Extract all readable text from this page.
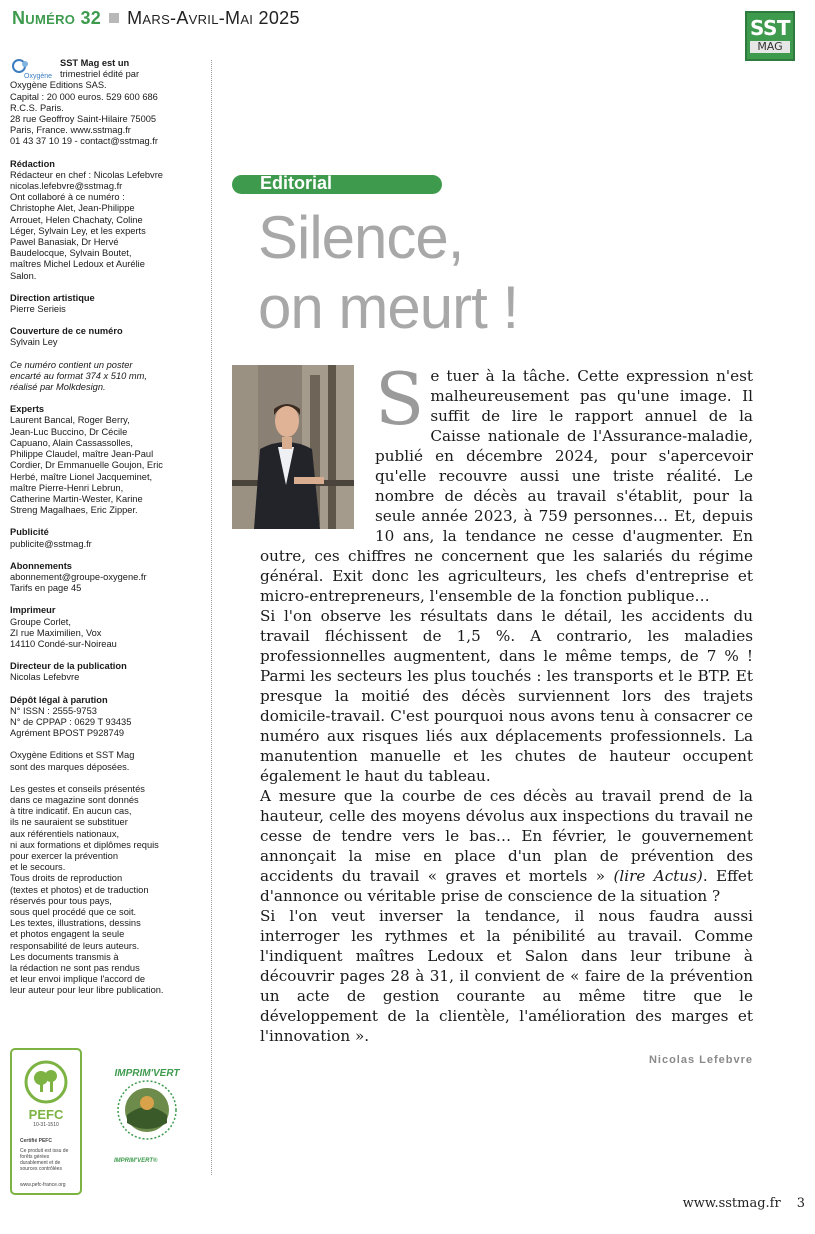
Numéro 32 Mars-Avril-Mai 2025	SST
MAG
Oxygène
SST Mag est un
trimestriel édité par
Oxygène Editions SAS.
Capital : 20 000 euros. 529 600 686
R.C.S. Paris.
28 rue Geoffroy Saint-Hilaire 75005
Paris, France. www.sstmag.fr
01 43 37 10 19 - contact@sstmag.fr
Rédaction
Rédacteur en chef : Nicolas Lefebvre
nicolas.lefebvre@sstmag.fr
Ont collaboré à ce numéro :
Christophe Alet, Jean-Philippe
Arrouet, Helen Chachaty, Coline
Léger, Sylvain Ley, et les experts
Pawel Banasiak, Dr Hervé
Baudelocque, Sylvain Boutet,
maîtres Michel Ledoux et Aurélie
Salon.
Direction artistique
Pierre Serieis
Couverture de ce numéro
Sylvain Ley
Ce numéro contient un poster
encarté au format 374 x 510 mm,
réalisé par Molkdesign.
Experts
Laurent Bancal, Roger Berry,
Jean-Luc Buccino, Dr Cécile
Capuano, Alain Cassassolles,
Philippe Claudel, maître Jean-Paul
Cordier, Dr Emmanuelle Goujon, Eric
Herbé, maître Lionel Jacqueminet,
maître Pierre-Henri Lebrun,
Catherine Martin-Wester, Karine
Streng Magalhaes, Eric Zipper.
Publicité
publicite@sstmag.fr
Abonnements
abonnement@groupe-oxygene.fr
Tarifs en page 45
Imprimeur
Groupe Corlet,
ZI rue Maximilien, Vox
14110 Condé-sur-Noireau
Directeur de la publication
Nicolas Lefebvre
Dépôt légal à parution
N° ISSN : 2555-9753
N° de CPPAP : 0629 T 93435
Agrément BPOST P928749
Oxygène Editions et SST Mag
sont des marques déposées.
Les gestes et conseils présentés
dans ce magazine sont donnés
à titre indicatif. En aucun cas,
ils ne sauraient se substituer
aux référentiels nationaux,
ni aux formations et diplômes requis
pour exercer la prévention
et le secours.
Tous droits de reproduction
(textes et photos) et de traduction
réservés pour tous pays,
sous quel procédé que ce soit.
Les textes, illustrations, dessins
et photos engagent la seule
responsabilité de leurs auteurs.
Les documents transmis à
la rédaction ne sont pas rendus
et leur envoi implique l'accord de
leur auteur pour leur libre publication.
PEFC
10-31-1510
Certifié PEFC
Ce produit est issu de forêts gérées durablement et de sources contrôlées
www.pefc-france.org
IMPRIM'VERT
IMPRIM'VERT®
Editorial
Silence,
on meurt !

Se tuer à la tâche. Cette expression n'est malheureusement pas qu'une image. Il suffit de lire le rapport annuel de la Caisse nationale de l'Assurance-maladie, publié en décembre 2024, pour s'apercevoir qu'elle recouvre aussi une triste réalité. Le nombre de décès au travail s'établit, pour la seule année 2023, à 759 personnes… Et, depuis 10 ans, la tendance ne cesse d'augmenter. En outre, ces chiffres ne concernent que les salariés du régime général. Exit donc les agriculteurs, les chefs d'entreprise et micro-entrepreneurs, l'ensemble de la fonction publique…

Si l'on observe les résultats dans le détail, les accidents du travail fléchissent de 1,5 %. A contrario, les maladies professionnelles augmentent, dans le même temps, de 7 % ! Parmi les secteurs les plus touchés : les transports et le BTP. Et presque la moitié des décès surviennent lors des trajets domicile-travail. C'est pourquoi nous avons tenu à consacrer ce numéro aux risques liés aux déplacements professionnels. La manutention manuelle et les chutes de hauteur occupent également le haut du tableau.

A mesure que la courbe de ces décès au travail prend de la hauteur, celle des moyens dévolus aux inspections du travail ne cesse de tendre vers le bas… En février, le gouvernement annonçait la mise en place d'un plan de prévention des accidents du travail « graves et mortels » (lire Actus). Effet d'annonce ou véritable prise de conscience de la situation ?

Si l'on veut inverser la tendance, il nous faudra aussi interroger les rythmes et la pénibilité au travail. Comme l'indiquent maîtres Ledoux et Salon dans leur tribune à découvrir pages 28 à 31, il convient de « faire de la prévention un acte de gestion courante au même titre que le développement de la clientèle, l'amélioration des marges et l'innovation ».

Nicolas Lefebvre
www.sstmag.fr 3
